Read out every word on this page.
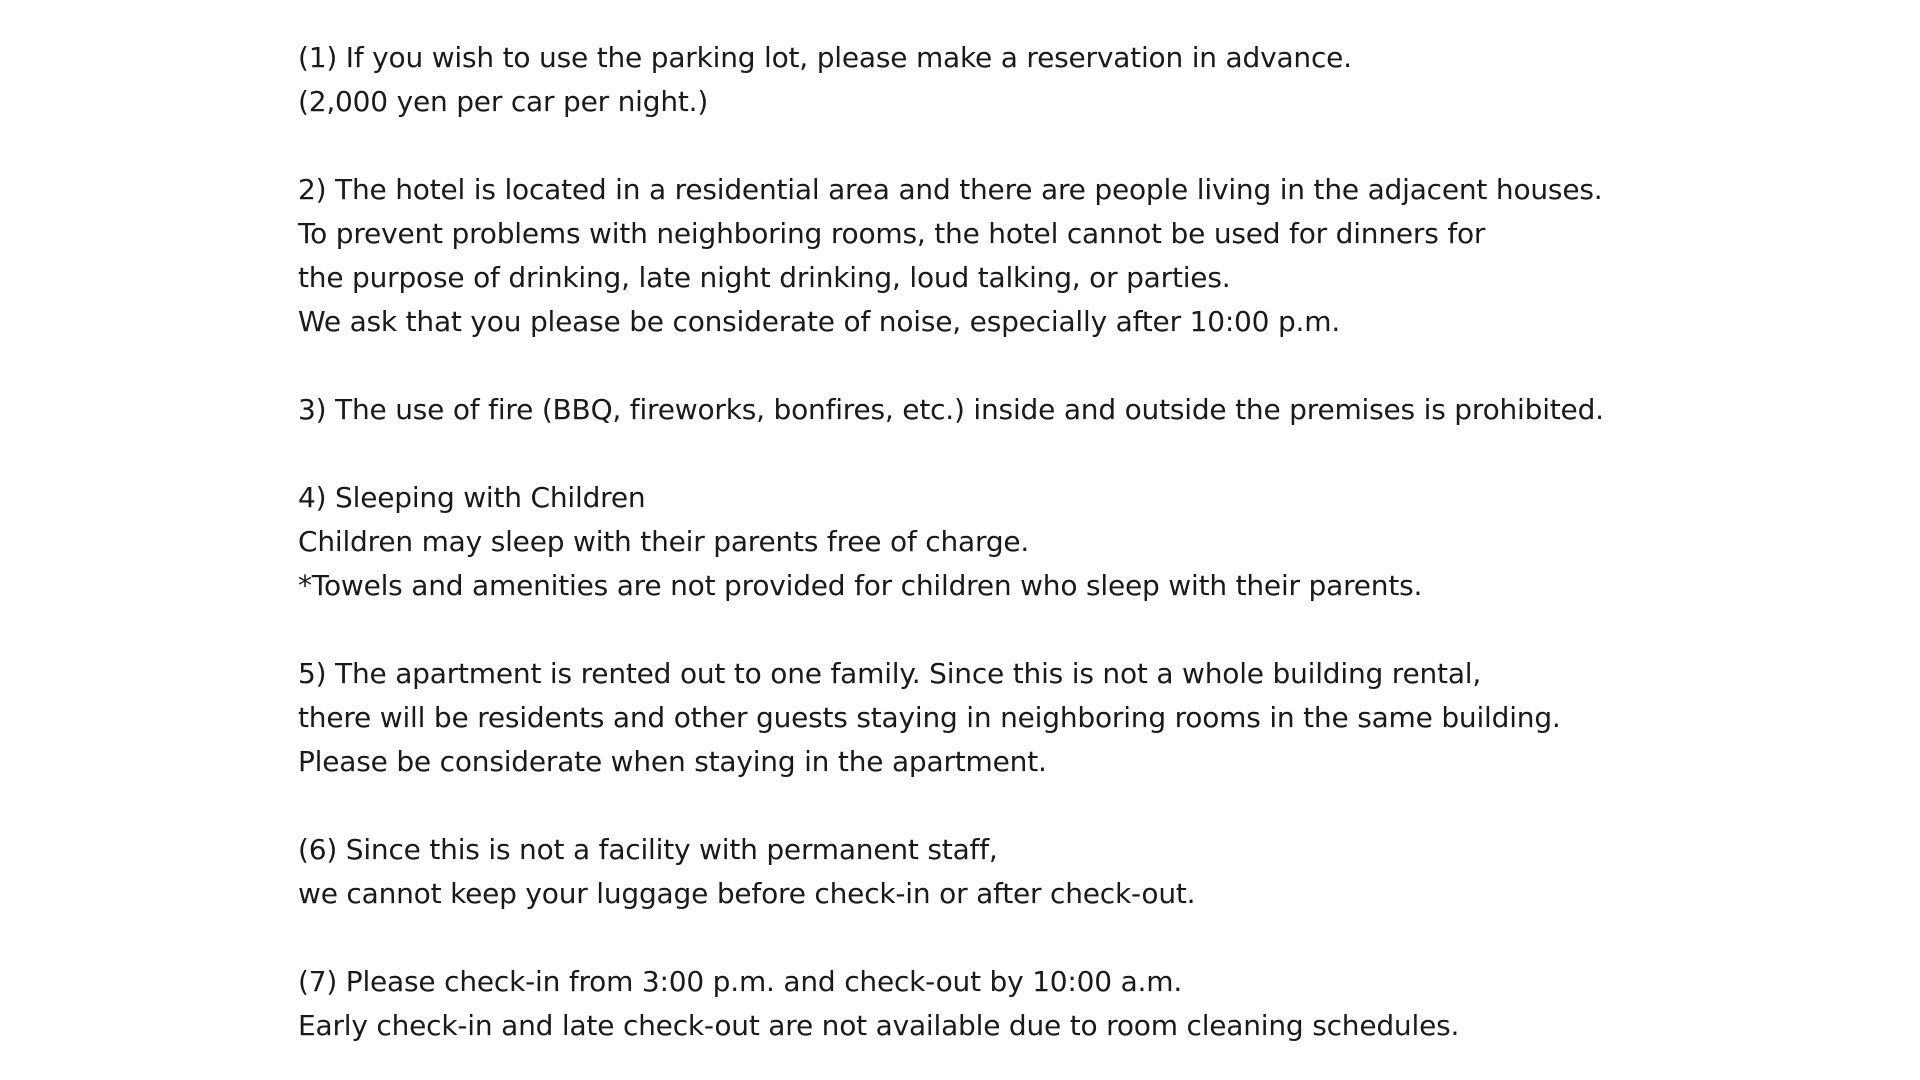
(1) If you wish to use the parking lot, please make a reservation in advance.
(2,000 yen per car per night.)
2) The hotel is located in a residential area and there are people living in the adjacent houses.
To prevent problems with neighboring rooms, the hotel cannot be used for dinners for
the purpose of drinking, late night drinking, loud talking, or parties.
We ask that you please be considerate of noise, especially after 10:00 p.m.
3) The use of fire (BBQ, fireworks, bonfires, etc.) inside and outside the premises is prohibited.
4) Sleeping with Children
Children may sleep with their parents free of charge.
*Towels and amenities are not provided for children who sleep with their parents.
5) The apartment is rented out to one family. Since this is not a whole building rental,
there will be residents and other guests staying in neighboring rooms in the same building.
Please be considerate when staying in the apartment.
(6) Since this is not a facility with permanent staff,
we cannot keep your luggage before check-in or after check-out.
(7) Please check-in from 3:00 p.m. and check-out by 10:00 a.m.
Early check-in and late check-out are not available due to room cleaning schedules.
